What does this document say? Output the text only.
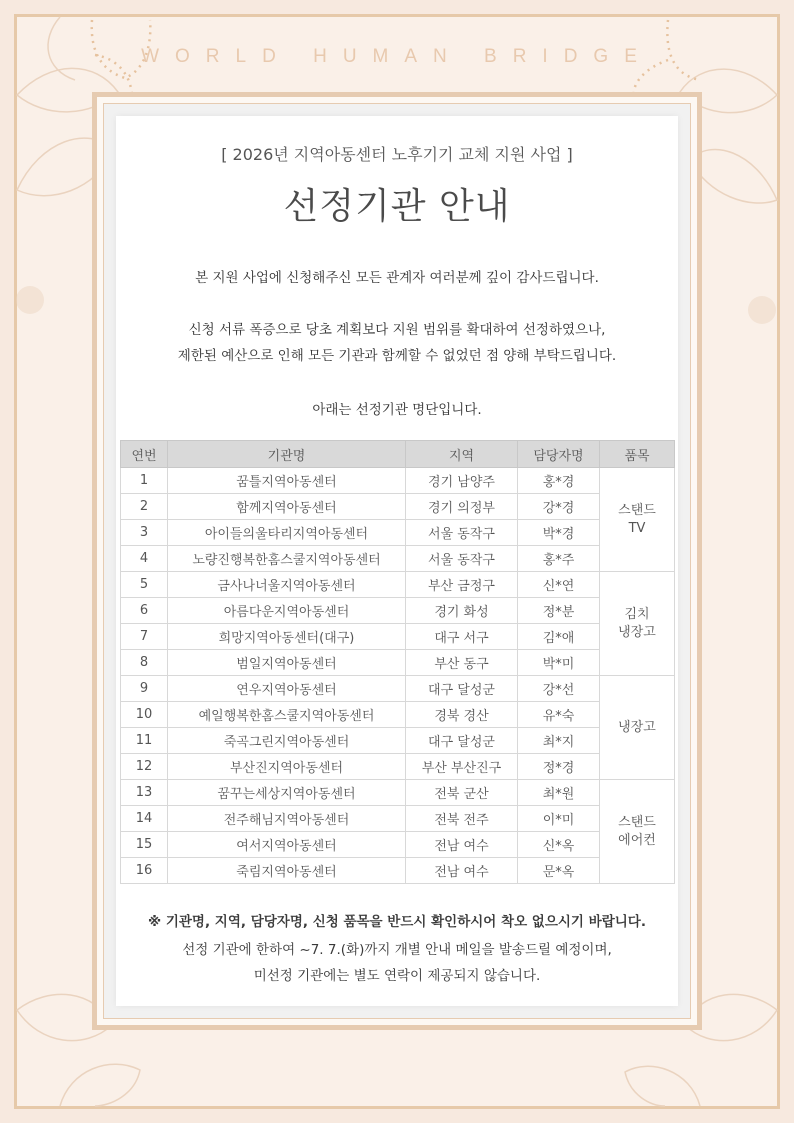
WORLD HUMAN BRIDGE
[ 2026년 지역아동센터 노후기기 교체 지원 사업 ]
선정기관 안내
본 지원 사업에 신청해주신 모든 관계자 여러분께 깊이 감사드립니다.
신청 서류 폭증으로 당초 계획보다 지원 범위를 확대하여 선정하였으나,
제한된 예산으로 인해 모든 기관과 함께할 수 없었던 점 양해 부탁드립니다.
아래는 선정기관 명단입니다.
연번	기관명	지역	담당자명	품목
1	꿈틀지역아동센터	경기 남양주	홍*경	스탠드
TV
2	함께지역아동센터	경기 의정부	강*경	
3	아이들의울타리지역아동센터	서울 동작구	박*경	
4	노량진행복한홈스쿨지역아동센터	서울 동작구	홍*주	
5	금사나너울지역아동센터	부산 금정구	신*연	김치
냉장고
6	아름다운지역아동센터	경기 화성	정*분	
7	희망지역아동센터(대구)	대구 서구	김*애	
8	범일지역아동센터	부산 동구	박*미	
9	연우지역아동센터	대구 달성군	강*선	냉장고
10	예일행복한홈스쿨지역아동센터	경북 경산	유*숙	
11	죽곡그린지역아동센터	대구 달성군	최*지	
12	부산진지역아동센터	부산 부산진구	정*경	
13	꿈꾸는세상지역아동센터	전북 군산	최*원	스탠드
에어컨
14	전주해님지역아동센터	전북 전주	이*미	
15	여서지역아동센터	전남 여수	신*옥	
16	죽림지역아동센터	전남 여수	문*옥	
※ 기관명, 지역, 담당자명, 신청 품목을 반드시 확인하시어 착오 없으시기 바랍니다.
선정 기관에 한하여 ~7. 7.(화)까지 개별 안내 메일을 발송드릴 예정이며,
미선정 기관에는 별도 연락이 제공되지 않습니다.
